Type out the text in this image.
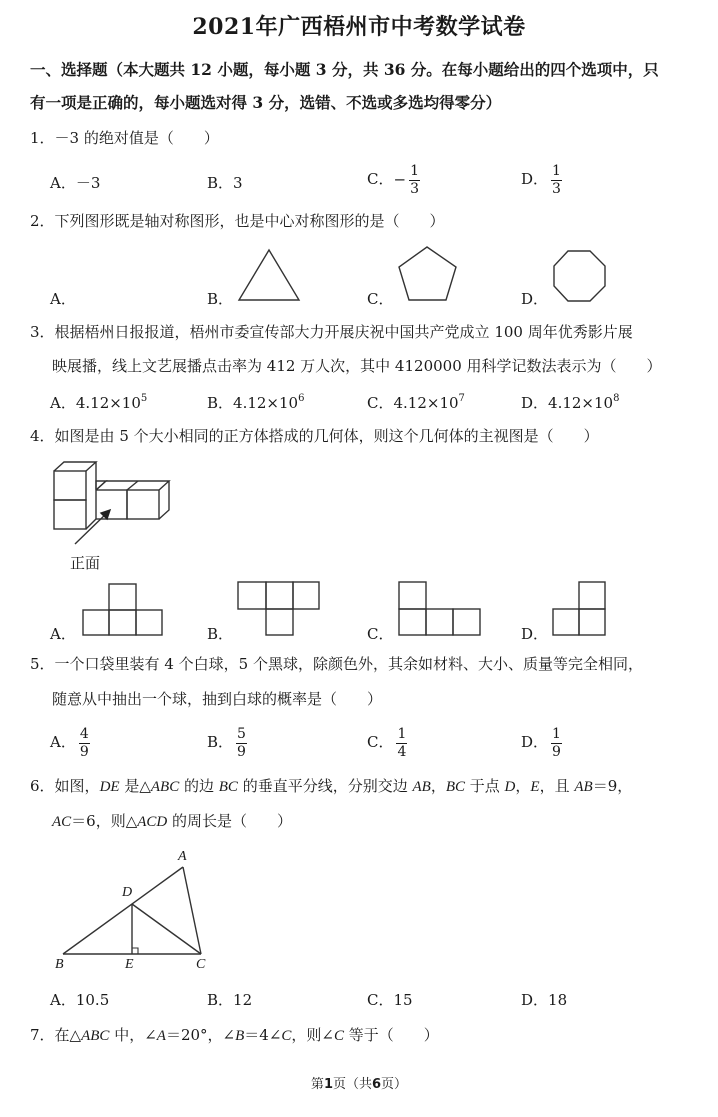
2021年广西梧州市中考数学试卷
一、选择题（本大题共 12 小题，每小题 3 分，共 36 分。在每小题给出的四个选项中，只
有一项是正确的，每小题选对得 3 分，选错、不选或多选均得零分）
1．－3 的绝对值是（　　）
A．－3	B．3	C．− $\frac{1}{3}$	D． $\frac{1}{3}$
2．下列图形既是轴对称图形，也是中心对称图形的是（　　）
A．	B．	C．	D．
3．根据梧州日报报道，梧州市委宣传部大力开展庆祝中国共产党成立 100 周年优秀影片展
映展播，线上文艺展播点击率为 412 万人次，其中 4120000 用科学记数法表示为（　　）
A．$4.12\times 10^5$	B．$4.12\times 10^6$	C．$4.12\times 10^7$	D．$4.12\times 10^8$
4．如图是由 5 个大小相同的正方体搭成的几何体，则这个几何体的主视图是（　　）
正面
A．	B．	C．	D．
5．一个口袋里装有 4 个白球，5 个黑球，除颜色外，其余如材料、大小、质量等完全相同，
随意从中抽出一个球，抽到白球的概率是（　　）
A． $\frac{4}{9}$	B． $\frac{5}{9}$	C． $\frac{1}{4}$	D． $\frac{1}{9}$
6．如图，DE 是△ABC 的边 BC 的垂直平分线，分别交边 AB，BC 于点 D，E，且 AB＝9，
AC＝6，则△ACD 的周长是（　　）
A
D
B	E	C
A．10.5	B．12	C．15	D．18
7．在△ABC 中，∠A＝20°，∠B＝4∠C，则∠C 等于（　　）
第1页（共6页）
